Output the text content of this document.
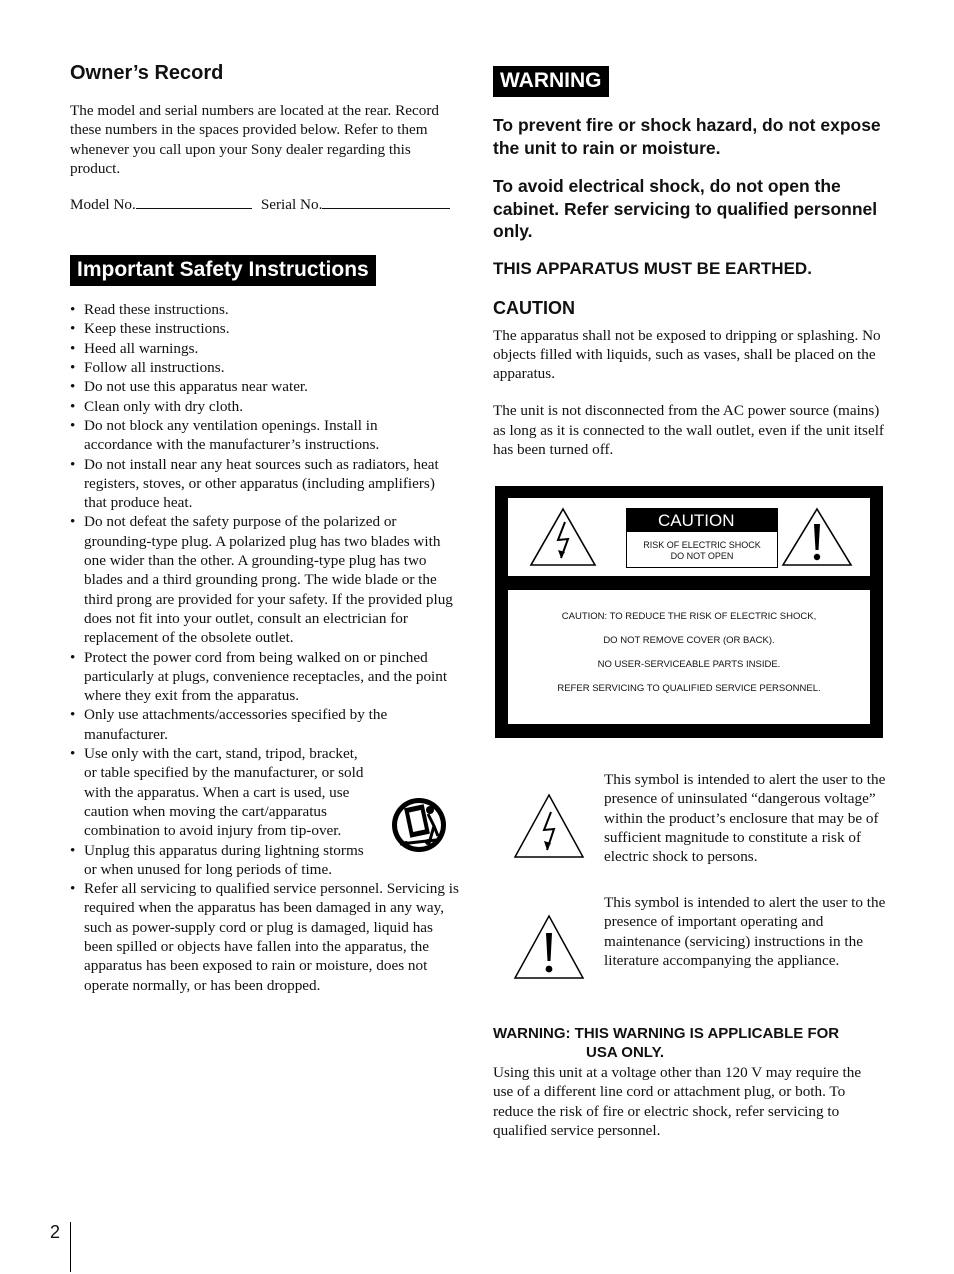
Owner’s Record

The model and serial numbers are located at the rear. Record these numbers in the spaces provided below. Refer to them whenever you call upon your Sony dealer regarding this product.

Model No.	Serial No.
Important Safety Instructions
• Read these instructions.
• Keep these instructions.
• Heed all warnings.
• Follow all instructions.
• Do not use this apparatus near water.
• Clean only with dry cloth.
• Do not block any ventilation openings. Install in accordance with the manufacturer’s instructions.
• Do not install near any heat sources such as radiators, heat registers, stoves, or other apparatus (including amplifiers) that produce heat.
• Do not defeat the safety purpose of the polarized or grounding-type plug. A polarized plug has two blades with one wider than the other. A grounding-type plug has two blades and a third grounding prong. The wide blade or the third prong are provided for your safety. If the provided plug does not fit into your outlet, consult an electrician for replacement of the obsolete outlet.
• Protect the power cord from being walked on or pinched particularly at plugs, convenience receptacles, and the point where they exit from the apparatus.
• Only use attachments/accessories specified by the manufacturer.
• Use only with the cart, stand, tripod, bracket, or table specified by the manufacturer, or sold with the apparatus. When a cart is used, use caution when moving the cart/apparatus combination to avoid injury from tip-over.
• Unplug this apparatus during lightning storms or when unused for long periods of time.
• Refer all servicing to qualified service personnel. Servicing is required when the apparatus has been damaged in any way, such as power-supply cord or plug is damaged, liquid has been spilled or objects have fallen into the apparatus, the apparatus has been exposed to rain or moisture, does not operate normally, or has been dropped.
WARNING

To prevent fire or shock hazard, do not expose the unit to rain or moisture.

To avoid electrical shock, do not open the cabinet. Refer servicing to qualified personnel only.

THIS APPARATUS MUST BE EARTHED.

CAUTION

The apparatus shall not be exposed to dripping or splashing. No objects filled with liquids, such as vases, shall be placed on the apparatus.

The unit is not disconnected from the AC power source (mains) as long as it is connected to the wall outlet, even if the unit itself has been turned off.

CAUTION
RISK OF ELECTRIC SHOCK
DO NOT OPEN
CAUTION: TO REDUCE THE RISK OF ELECTRIC SHOCK,
DO NOT REMOVE COVER (OR BACK).
NO USER-SERVICEABLE PARTS INSIDE.
REFER SERVICING TO QUALIFIED SERVICE PERSONNEL.

This symbol is intended to alert the user to the presence of uninsulated “dangerous voltage” within the product’s enclosure that may be of sufficient magnitude to constitute a risk of electric shock to persons.

This symbol is intended to alert the user to the presence of important operating and maintenance (servicing) instructions in the literature accompanying the appliance.

WARNING: THIS WARNING IS APPLICABLE FOR
USA ONLY.

Using this unit at a voltage other than 120 V may require the use of a different line cord or attachment plug, or both. To reduce the risk of fire or electric shock, refer servicing to qualified service personnel.

2
